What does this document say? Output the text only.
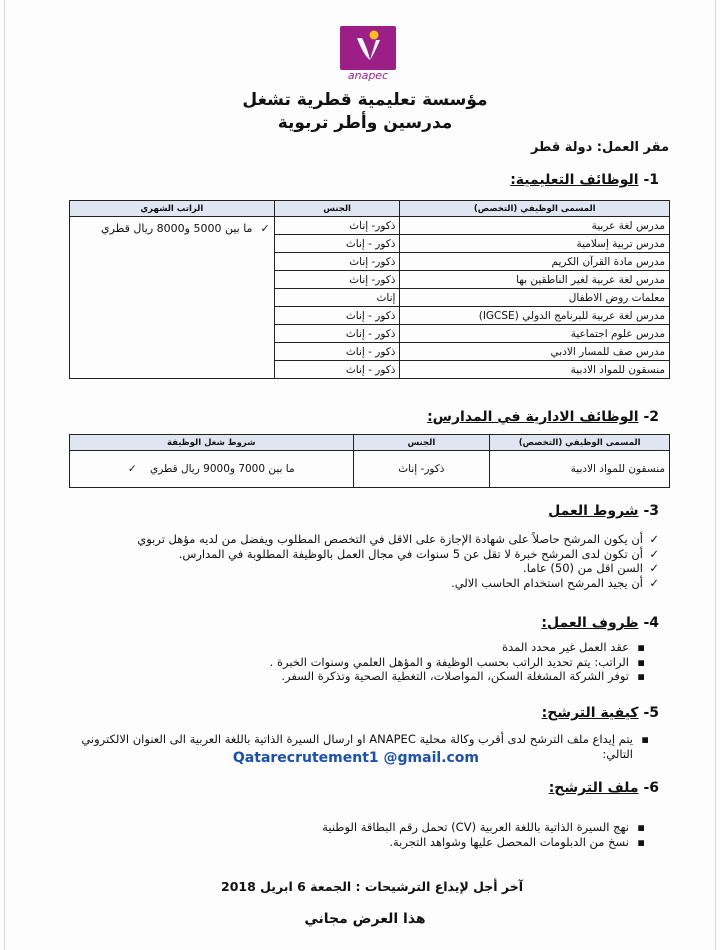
anapec
مؤسسة تعليمية قطرية تشغل
مدرسين وأطر تربوية
مقر العمل: دولة قطر
1- الوظائف التعليمية:
المسمى الوظيفي (التخصص)	الجنس	الراتب الشهري
مدرس لغة عربية	ذكور- إناث	✓ما بين 5000 و8000 ريال قطري
مدرس تربية إسلامية	ذكور - إناث	
مدرس مادة القرآن الكريم	ذكور- إناث	
مدرس لغة عربية لغير الناطقين بها	ذكور- إناث	
معلمات روض الاطفال	إناث	
مدرس لغة عربية للبرنامج الدولي (IGCSE)	ذكور - إناث	
مدرس علوم اجتماعية	ذكور - إناث	
مدرس صف للمسار الادبي	ذكور - إناث	
منسقون للمواد الادبية	ذكور - إناث	
2- الوظائف الادارية في المدارس:
المسمى الوظيفي (التخصص)	الجنس	شروط شغل الوظيفة
منسقون للمواد الادبية	ذكور- إناث	ما بين 7000 و9000 ريال قطري ✓
3- شروط العمل
✓
أن يكون المرشح حاصلاً على شهادة الإجازة على الاقل في التخصص المطلوب ويفضل من لديه مؤهل تربوي
✓
أن تكون لدى المرشح خبرة لا تقل عن 5 سنوات في مجال العمل بالوظيفة المطلوبة في المدارس.
✓
السن اقل من (50) عاما.
✓
أن يجيد المرشح استخدام الحاسب الالي.
4- ظروف العمل:
▪
عقد العمل غير محدد المدة
▪
الراتب: يتم تحديد الراتب بحسب الوظيفة و المؤهل العلمي وسنوات الخبرة .
▪
توفر الشركة المشغلة السكن، المواصلات، التغطية الصحية وتذكرة السفر.
5- كيفية الترشح:
▪
يتم إيداع ملف الترشح لدى أقرب وكالة محلية ANAPEC او ارسال السيرة الذاتية باللغة العربية الى العنوان الالكتروني التالي:
Qatarecrutement1 @gmail.com
6- ملف الترشح:
▪
نهج السيرة الذاتية باللغة العربية (CV) تحمل رقم البطاقة الوطنية
▪
نسخ من الدبلومات المحصل عليها وشواهد التجربة.
آخر أجل لإيداع الترشيحات : الجمعة 6 ابريل 2018
هذا العرض مجاني
